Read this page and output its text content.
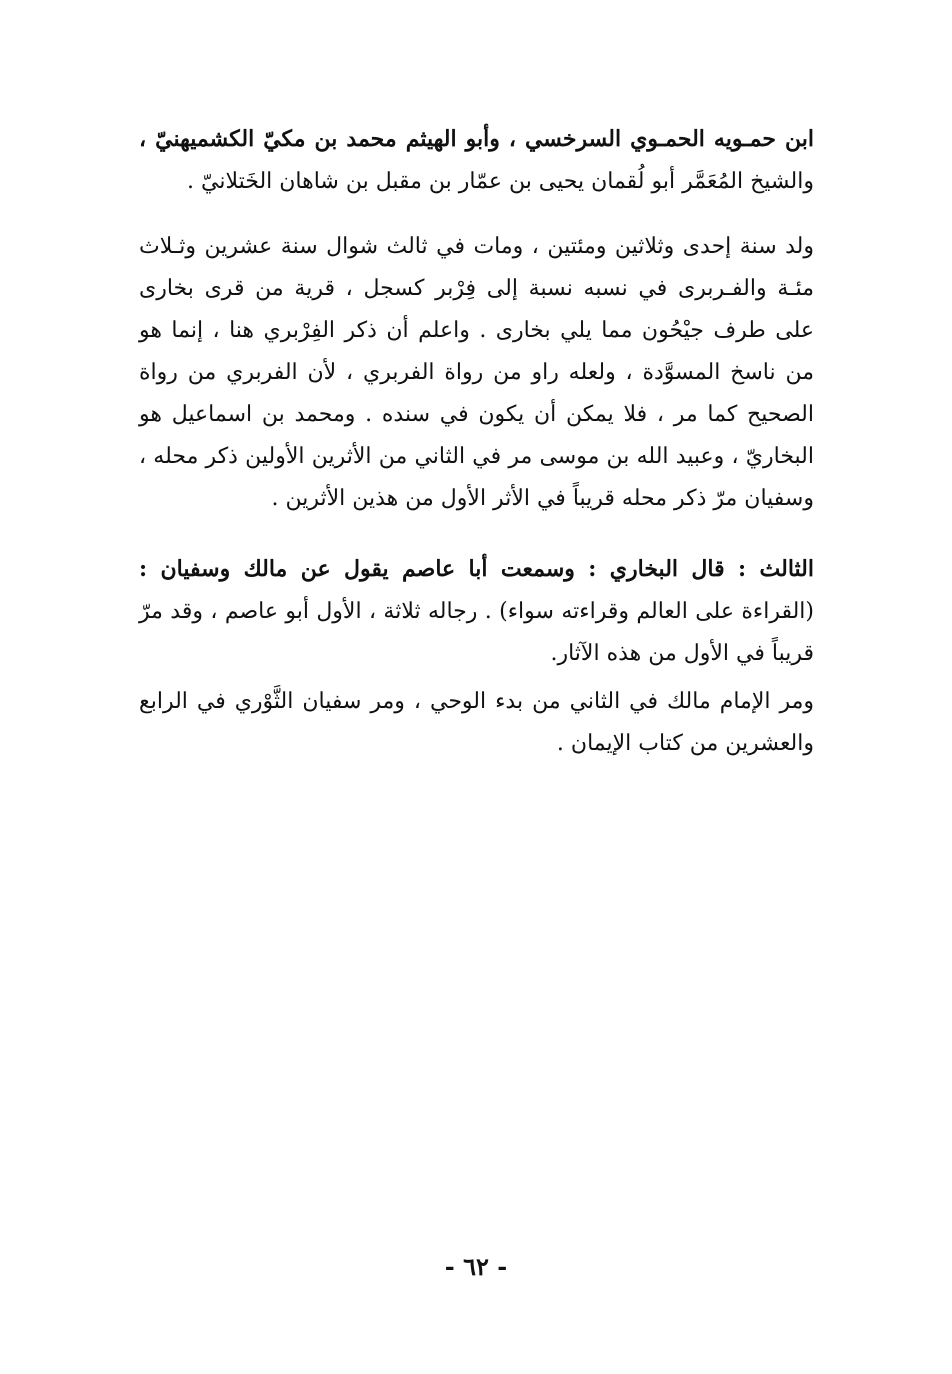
ابن حمـويه الحمـوي السرخسي ، وأبو الهيثم محمد بن مكيّ الكشميهنيّ ، والشيخ المُعَمَّر أبو لُقمان يحيى بن عمّار بن مقبل بن شاهان الخَتلانيّ .

ولد سنة إحدى وثلاثين ومئتين ، ومات في ثالث شوال سنة عشرين وثـلاث مئـة والفـربرى في نسبه نسبة إلى فِرْبر كسجل ، قرية من قرى بخارى على طرف جيْحُون مما يلي بخارى . واعلم أن ذكر الفِرْبري هنا ، إنما هو من ناسخ المسوَّدة ، ولعله راو من رواة الفربري ، لأن الفربري من رواة الصحيح كما مر ، فلا يمكن أن يكون في سنده . ومحمد بن اسماعيل هو البخاريّ ، وعبيد الله بن موسى مر في الثاني من الأثرين الأولين ذكر محله ، وسفيان مرّ ذكر محله قريباً في الأثر الأول من هذين الأثرين .

الثالث : قال البخاري : وسمعت أبا عاصم يقول عن مالك وسفيان : (القراءة على العالم وقراءته سواء) . رجاله ثلاثة ، الأول أبو عاصم ، وقد مرّ قريباً في الأول من هذه الآثار.

ومر الإمام مالك في الثاني من بدء الوحي ، ومر سفيان الثَّوْري في الرابع والعشرين من كتاب الإيمان .

- ٦٢ -
